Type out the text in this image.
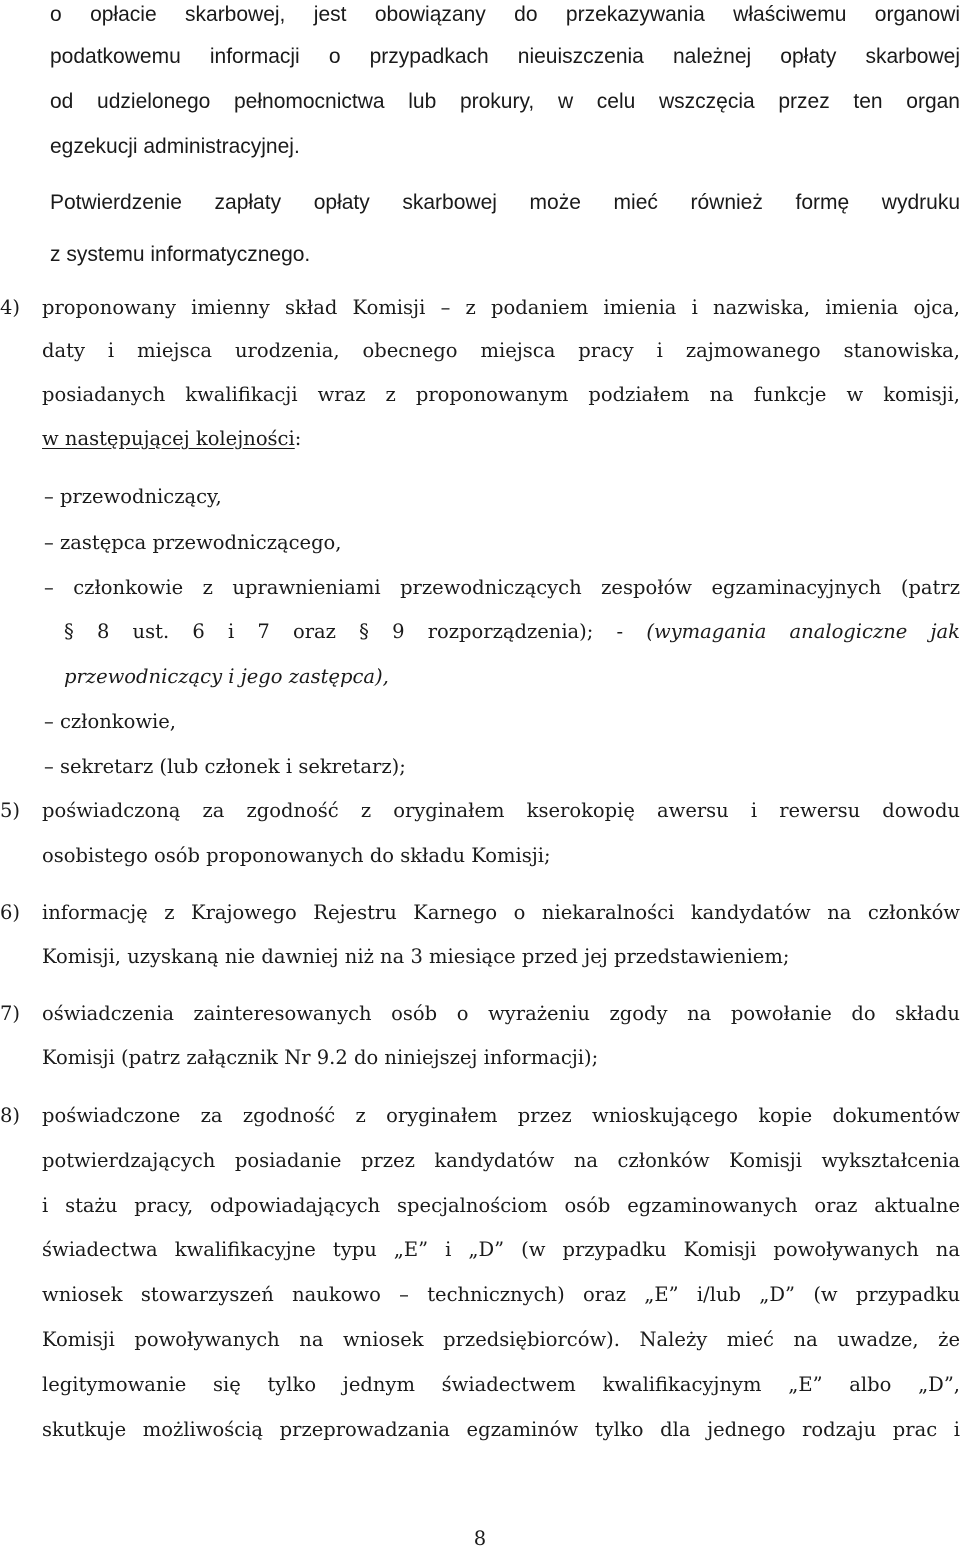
o opłacie skarbowej, jest obowiązany do przekazywania właściwemu organowi
podatkowemu informacji o przypadkach nieuiszczenia należnej opłaty skarbowej
od udzielonego pełnomocnictwa lub prokury, w celu wszczęcia przez ten organ
egzekucji administracyjnej.
Potwierdzenie zapłaty opłaty skarbowej może mieć również formę wydruku
z systemu informatycznego.
4) proponowany imienny skład Komisji – z podaniem imienia i nazwiska, imienia ojca,
daty i miejsca urodzenia, obecnego miejsca pracy i zajmowanego stanowiska,
posiadanych kwalifikacji wraz z proponowanym podziałem na funkcje w komisji,
w następującej kolejności:
– przewodniczący,
– zastępca przewodniczącego,
– członkowie z uprawnieniami przewodniczących zespołów egzaminacyjnych (patrz
§ 8 ust. 6 i 7 oraz § 9 rozporządzenia); - (wymagania analogiczne jak
przewodniczący i jego zastępca),
– członkowie,
– sekretarz (lub członek i sekretarz);
5) poświadczoną za zgodność z oryginałem kserokopię awersu i rewersu dowodu
osobistego osób proponowanych do składu Komisji;
6) informację z Krajowego Rejestru Karnego o niekaralności kandydatów na członków
Komisji, uzyskaną nie dawniej niż na 3 miesiące przed jej przedstawieniem;
7) oświadczenia zainteresowanych osób o wyrażeniu zgody na powołanie do składu
Komisji (patrz załącznik Nr 9.2 do niniejszej informacji);
8) poświadczone za zgodność z oryginałem przez wnioskującego kopie dokumentów
potwierdzających posiadanie przez kandydatów na członków Komisji wykształcenia
i stażu pracy, odpowiadających specjalnościom osób egzaminowanych oraz aktualne
świadectwa kwalifikacyjne typu „E” i „D” (w przypadku Komisji powoływanych na
wniosek stowarzyszeń naukowo – technicznych) oraz „E” i/lub „D” (w przypadku
Komisji powoływanych na wniosek przedsiębiorców). Należy mieć na uwadze, że
legitymowanie się tylko jednym świadectwem kwalifikacyjnym „E” albo „D”,
skutkuje możliwością przeprowadzania egzaminów tylko dla jednego rodzaju prac i
8
